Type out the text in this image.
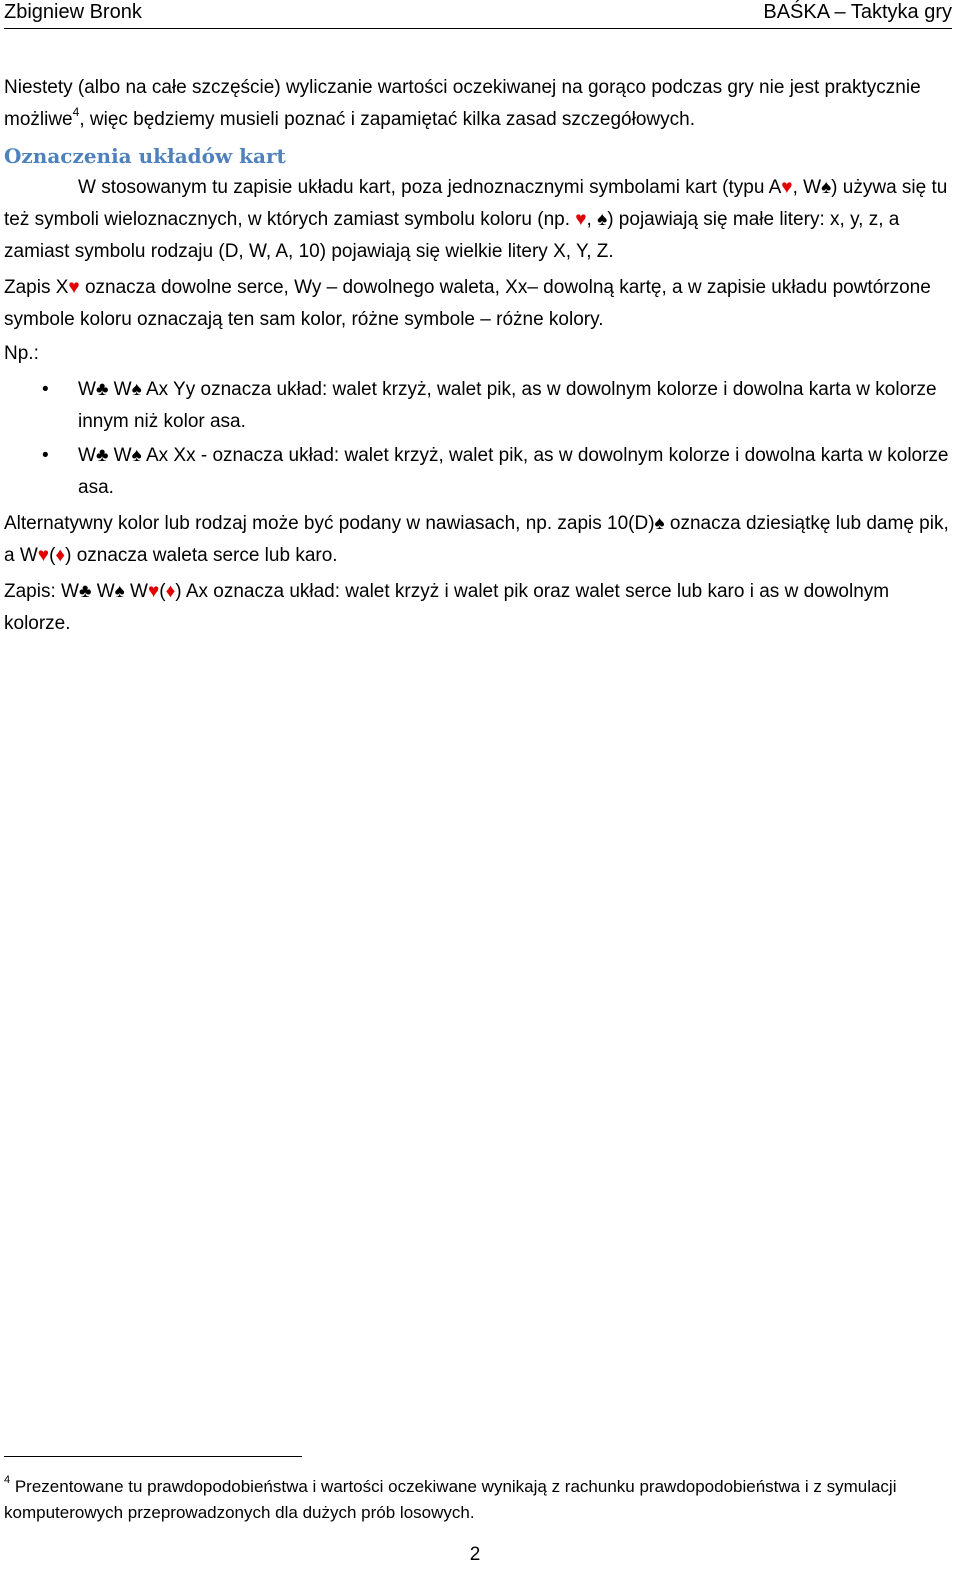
Zbigniew Bronk	BAŚKA – Taktyka gry

Niestety (albo na całe szczęście) wyliczanie wartości oczekiwanej na gorąco podczas gry nie jest praktycznie możliwe$^4$, więc będziemy musieli poznać i zapamiętać kilka zasad szczegółowych.

Oznaczenia układów kart

W stosowanym tu zapisie układu kart, poza jednoznacznymi symbolami kart (typu A♥, W♠) używa się tu też symboli wieloznacznych, w których zamiast symbolu koloru (np. ♥, ♠) pojawiają się małe litery: x, y, z, a zamiast symbolu rodzaju (D, W, A, 10) pojawiają się wielkie litery X, Y, Z.

Zapis X♥ oznacza dowolne serce, Wy – dowolnego waleta, Xx– dowolną kartę, a w zapisie układu powtórzone symbole koloru oznaczają ten sam kolor, różne symbole – różne kolory.

Np.:

• W♣ W♠ Ax Yy oznacza układ: walet krzyż, walet pik, as w dowolnym kolorze i dowolna karta w kolorze innym niż kolor asa.
• W♣ W♠ Ax Xx - oznacza układ: walet krzyż, walet pik, as w dowolnym kolorze i dowolna karta w kolorze asa.

Alternatywny kolor lub rodzaj może być podany w nawiasach, np. zapis 10(D)♠ oznacza dziesiątkę lub damę pik, a W♥(♦) oznacza waleta serce lub karo.

Zapis: W♣ W♠ W♥(♦) Ax oznacza układ: walet krzyż i walet pik oraz walet serce lub karo i as w dowolnym kolorze.

$^4$ Prezentowane tu prawdopodobieństwa i wartości oczekiwane wynikają z rachunku prawdopodobieństwa i z symulacji komputerowych przeprowadzonych dla dużych prób losowych.
2
